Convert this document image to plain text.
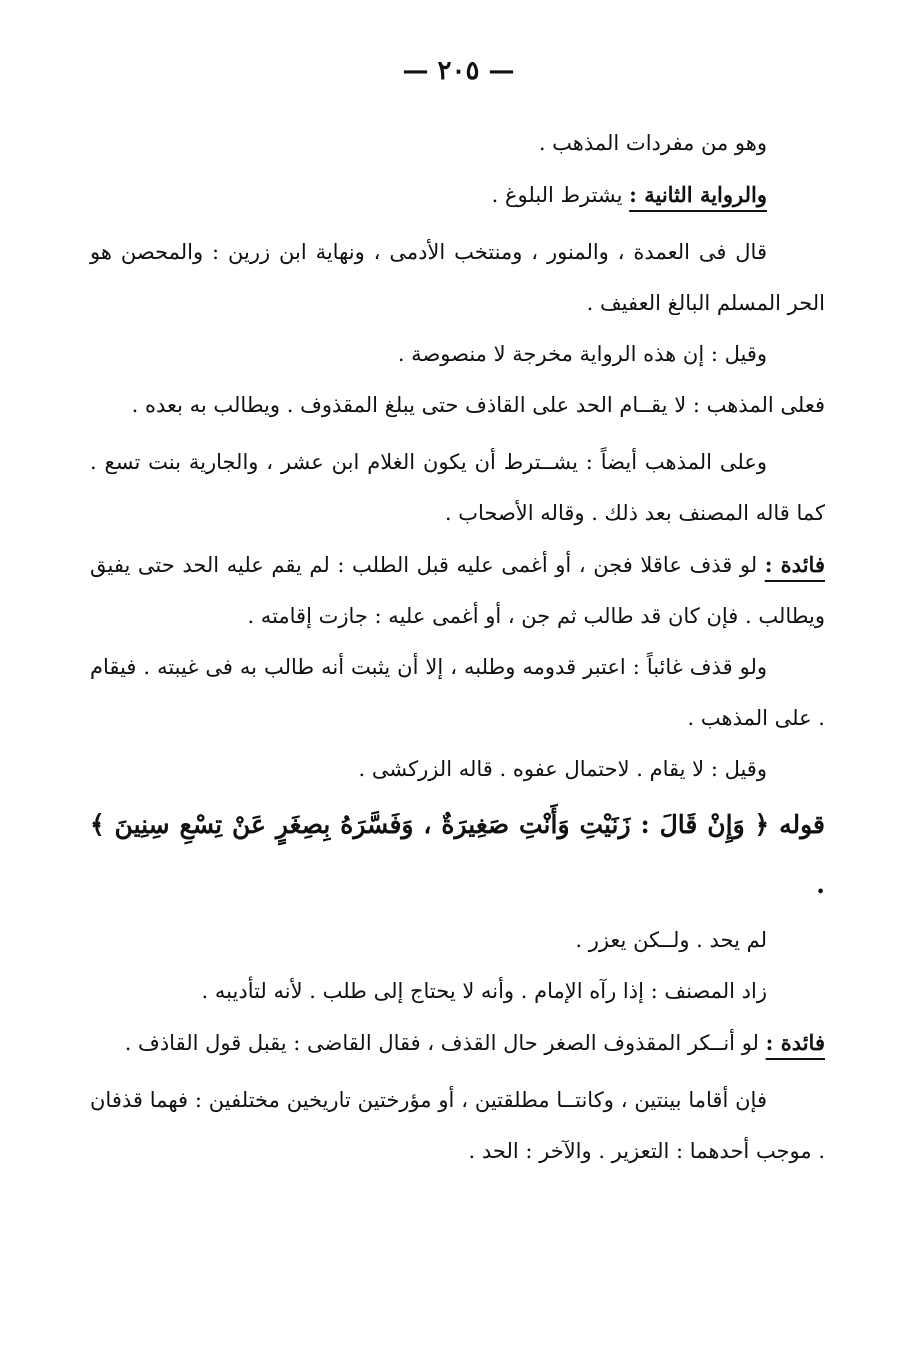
— ٢٠٥ —

وهو من مفردات المذهب .

والرواية الثانية : يشترط البلوغ .

قال فى العمدة ، والمنور ، ومنتخب الأدمى ، ونهاية ابن زرين : والمحصن هو الحر المسلم البالغ العفيف .

وقيل : إن هذه الرواية مخرجة لا منصوصة .

فعلى المذهب : لا يقــام الحد على القاذف حتى يبلغ المقذوف . ويطالب به بعده .

وعلى المذهب أيضاً : يشــترط أن يكون الغلام ابن عشر ، والجارية بنت تسع . كما قاله المصنف بعد ذلك . وقاله الأصحاب .

فائدة : لو قذف عاقلا فجن ، أو أغمى عليه قبل الطلب : لم يقم عليه الحد حتى يفيق ويطالب . فإن كان قد طالب ثم جن ، أو أغمى عليه : جازت إقامته .

ولو قذف غائباً : اعتبر قدومه وطلبه ، إلا أن يثبت أنه طالب به فى غيبته . فيقام . على المذهب .

وقيل : لا يقام . لاحتمال عفوه . قاله الزركشى .

قوله ﴿ وَإِنْ قَالَ : زَنَيْتِ وَأَنْتِ صَغِيرَةٌ ، وَفَسَّرَهُ بِصِغَرٍ عَنْ تِسْعِ سِنِينَ ﴾ .

لم يحد . ولــكن يعزر .

زاد المصنف : إذا رآه الإمام . وأنه لا يحتاج إلى طلب . لأنه لتأديبه .

فائدة : لو أنــكر المقذوف الصغر حال القذف ، فقال القاضى : يقبل قول القاذف .

فإن أقاما بينتين ، وكانتــا مطلقتين ، أو مؤرختين تاريخين مختلفين : فهما قذفان . موجب أحدهما : التعزير . والآخر : الحد .
